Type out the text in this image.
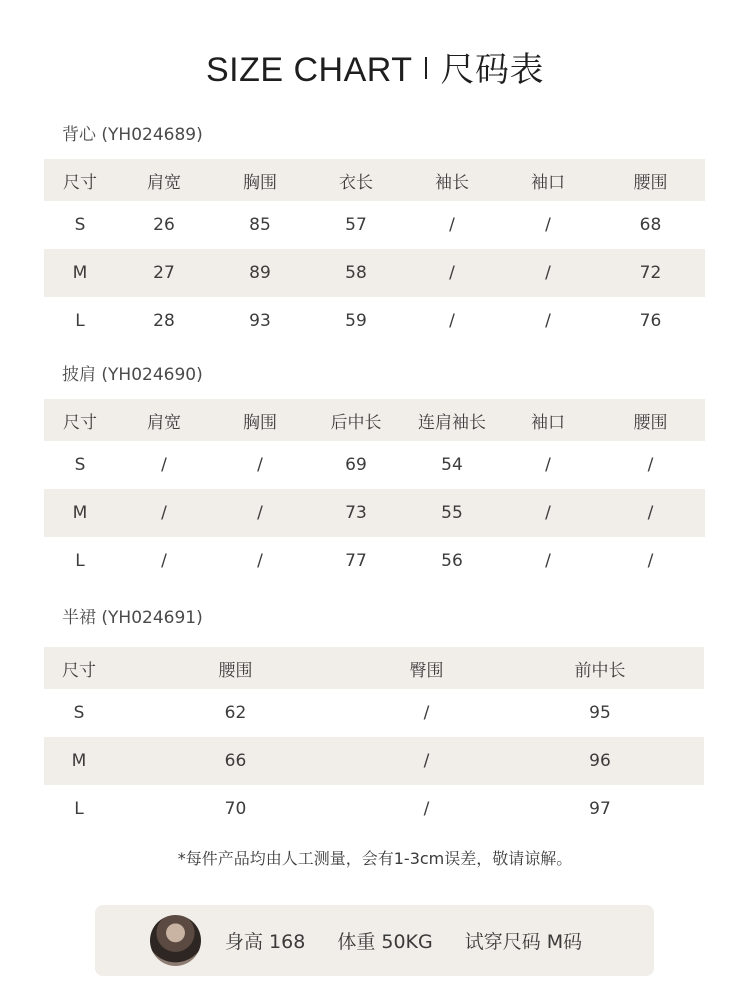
SIZE CHART 尺码表
背心 (YH024689)
尺寸	肩宽	胸围	衣长	袖长	袖口	腰围
S	26	85	57	/	/	68
M	27	89	58	/	/	72
L	28	93	59	/	/	76
披肩 (YH024690)
尺寸	肩宽	胸围	后中长	连肩袖长	袖口	腰围
S	/	/	69	54	/	/
M	/	/	73	55	/	/
L	/	/	77	56	/	/
半裙 (YH024691)
尺寸	腰围	臀围	前中长
S	62	/	95
M	66	/	96
L	70	/	97
*每件产品均由人工测量，会有1-3cm误差，敬请谅解。
身高 168 体重 50KG 试穿尺码 M码
